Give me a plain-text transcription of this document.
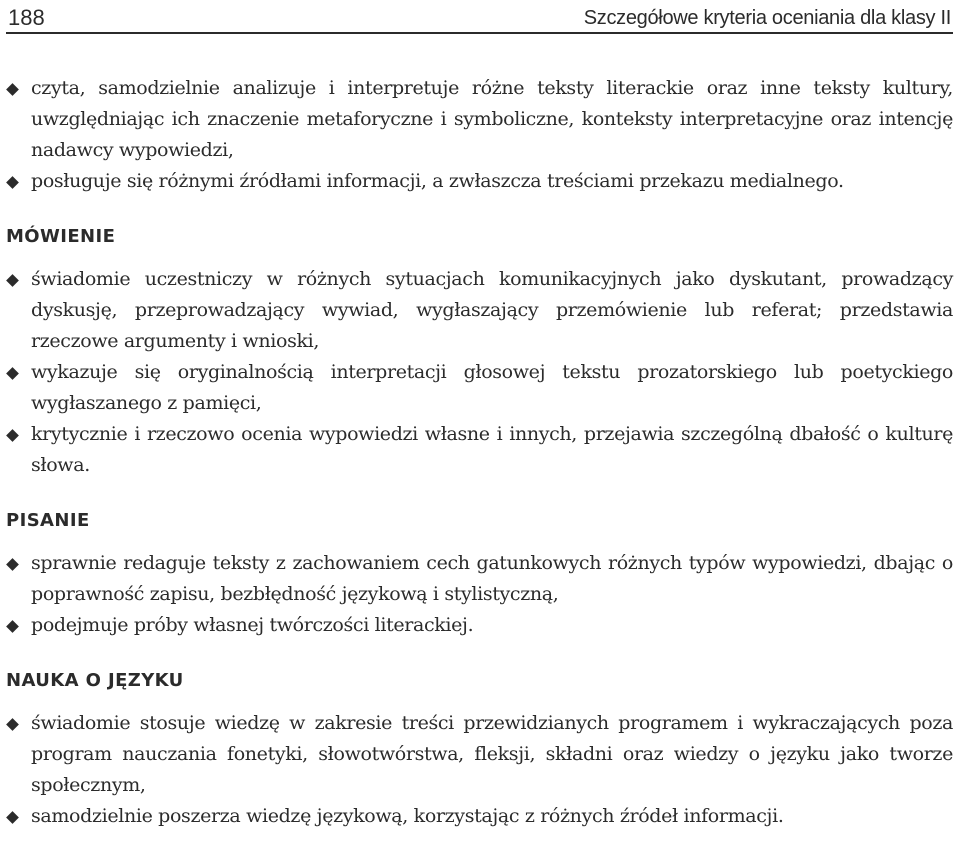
188	Szczegółowe kryteria oceniania dla klasy II
czyta, samodzielnie analizuje i interpretuje różne teksty literackie oraz inne teksty kultury, uwzględniając ich znaczenie metaforyczne i symboliczne, konteksty interpretacyjne oraz intencję nadawcy wypowiedzi,
posługuje się różnymi źródłami informacji, a zwłaszcza treściami przekazu medialnego.
MÓWIENIE
świadomie uczestniczy w różnych sytuacjach komunikacyjnych jako dyskutant, prowadzący dyskusję, przeprowadzający wywiad, wygłaszający przemówienie lub referat; przedstawia rzeczowe argumenty i wnioski,
wykazuje się oryginalnością interpretacji głosowej tekstu prozatorskiego lub poetyckiego wygłaszanego z pamięci,
krytycznie i rzeczowo ocenia wypowiedzi własne i innych, przejawia szczególną dbałość o kulturę słowa.
PISANIE
sprawnie redaguje teksty z zachowaniem cech gatunkowych różnych typów wypowiedzi, dbając o poprawność zapisu, bezbłędność językową i stylistyczną,
podejmuje próby własnej twórczości literackiej.
NAUKA O JĘZYKU
świadomie stosuje wiedzę w zakresie treści przewidzianych programem i wykraczających poza program nauczania fonetyki, słowotwórstwa, fleksji, składni oraz wiedzy o języku jako tworze społecznym,
samodzielnie poszerza wiedzę językową, korzystając z różnych źródeł informacji.
